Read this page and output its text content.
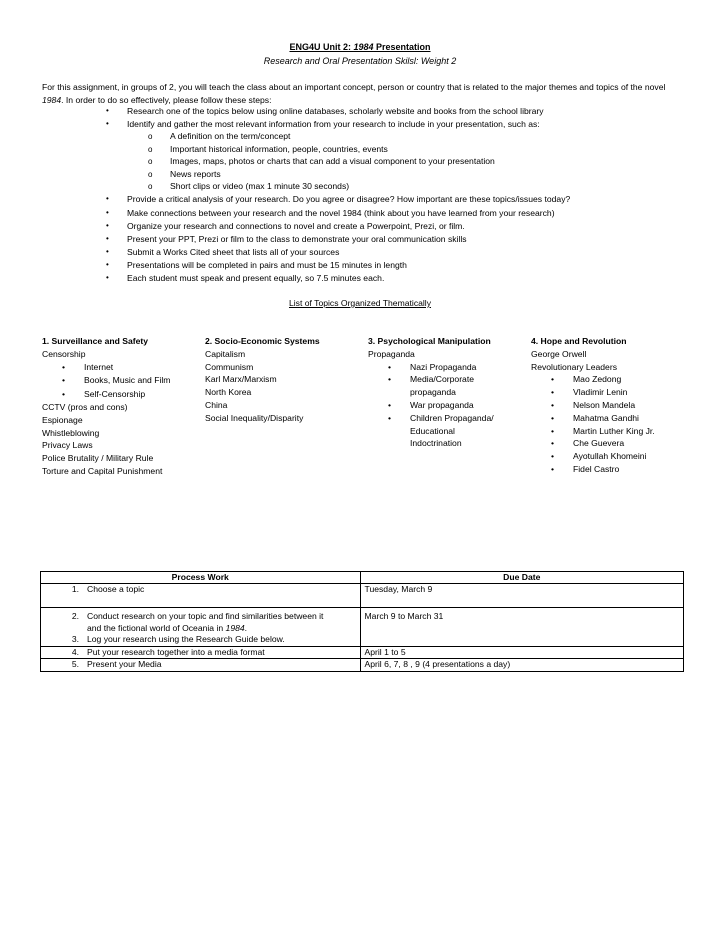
ENG4U Unit 2: 1984 Presentation
Research and Oral Presentation Skilsl: Weight 2
For this assignment, in groups of 2, you will teach the class about an important concept, person or country that is related to the major themes and topics of the novel 1984. In order to do so effectively, please follow these steps:
• Research one of the topics below using online databases, scholarly website and books from the school library
• Identify and gather the most relevant information from your research to include in your presentation, such as:
o A definition on the term/concept
o Important historical information, people, countries, events
o Images, maps, photos or charts that can add a visual component to your presentation
o News reports
o Short clips or video (max 1 minute 30 seconds)
• Provide a critical analysis of your research. Do you agree or disagree? How important are these topics/issues today?
• Make connections between your research and the novel 1984 (think about you have learned from your research)
• Organize your research and connections to novel and create a Powerpoint, Prezi, or film.
• Present your PPT, Prezi or film to the class to demonstrate your oral communication skills
• Submit a Works Cited sheet that lists all of your sources
• Presentations will be completed in pairs and must be 15 minutes in length
• Each student must speak and present equally, so 7.5 minutes each.
List of Topics Organized Thematically
1. Surveillance and Safety
Censorship
• Internet
• Books, Music and Film
• Self-Censorship
CCTV (pros and cons)
Espionage
Whistleblowing
Privacy Laws
Police Brutality / Military Rule
Torture and Capital Punishment
2. Socio-Economic Systems
Capitalism
Communism
Karl Marx/Marxism
North Korea
China
Social Inequality/Disparity
3. Psychological Manipulation
Propaganda
• Nazi Propaganda
• Media/Corporate
propaganda
• War propaganda
• Children Propaganda/
Educational
Indoctrination
4. Hope and Revolution
George Orwell
Revolutionary Leaders
• Mao Zedong
• Vladimir Lenin
• Nelson Mandela
• Mahatma Gandhi
• Martin Luther King Jr.
• Che Guevera
• Ayotullah Khomeini
• Fidel Castro
Process Work	Due Date
1. Choose a topic	Tuesday, March 9

2. Conduct research on your topic and find similarities between it
and the fictional world of Oceania in 1984.
3. Log your research using the Research Guide below.	March 9 to March 31
4. Put your research together into a media format	April 1 to 5
5. Present your Media	April 6, 7, 8 , 9 (4 presentations a day)
